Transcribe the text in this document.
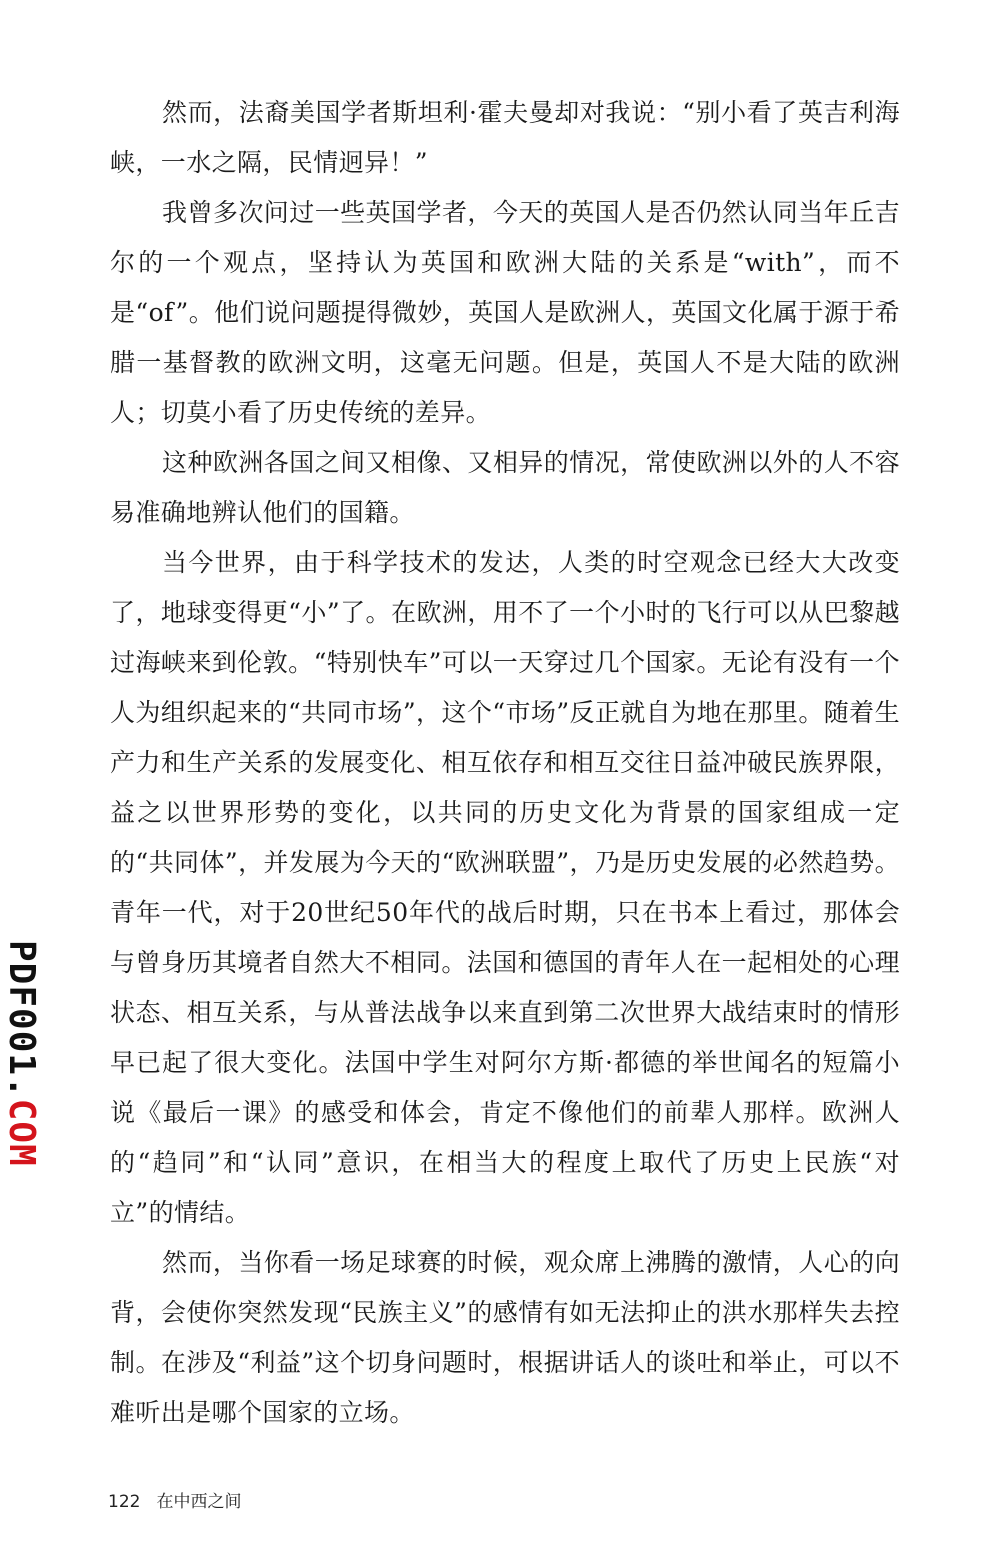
然而，法裔美国学者斯坦利·霍夫曼却对我说：“别小看了英吉利海峡，一水之隔，民情迥异！”

我曾多次问过一些英国学者，今天的英国人是否仍然认同当年丘吉尔的一个观点，坚持认为英国和欧洲大陆的关系是“with”，而不是“of”。他们说问题提得微妙，英国人是欧洲人，英国文化属于源于希腊一基督教的欧洲文明，这毫无问题。但是，英国人不是大陆的欧洲人；切莫小看了历史传统的差异。

这种欧洲各国之间又相像、又相异的情况，常使欧洲以外的人不容易准确地辨认他们的国籍。

当今世界，由于科学技术的发达，人类的时空观念已经大大改变了，地球变得更“小”了。在欧洲，用不了一个小时的飞行可以从巴黎越过海峡来到伦敦。“特别快车”可以一天穿过几个国家。无论有没有一个人为组织起来的“共同市场”，这个“市场”反正就自为地在那里。随着生产力和生产关系的发展变化、相互依存和相互交往日益冲破民族界限，益之以世界形势的变化，以共同的历史文化为背景的国家组成一定的“共同体”，并发展为今天的“欧洲联盟”，乃是历史发展的必然趋势。青年一代，对于20世纪50年代的战后时期，只在书本上看过，那体会与曾身历其境者自然大不相同。法国和德国的青年人在一起相处的心理状态、相互关系，与从普法战争以来直到第二次世界大战结束时的情形早已起了很大变化。法国中学生对阿尔方斯·都德的举世闻名的短篇小说《最后一课》的感受和体会，肯定不像他们的前辈人那样。欧洲人的“趋同”和“认同”意识，在相当大的程度上取代了历史上民族“对立”的情结。

然而，当你看一场足球赛的时候，观众席上沸腾的激情，人心的向背，会使你突然发现“民族主义”的感情有如无法抑止的洪水那样失去控制。在涉及“利益”这个切身问题时，根据讲话人的谈吐和举止，可以不难听出是哪个国家的立场。

PDF001.COM
122 在中西之间
